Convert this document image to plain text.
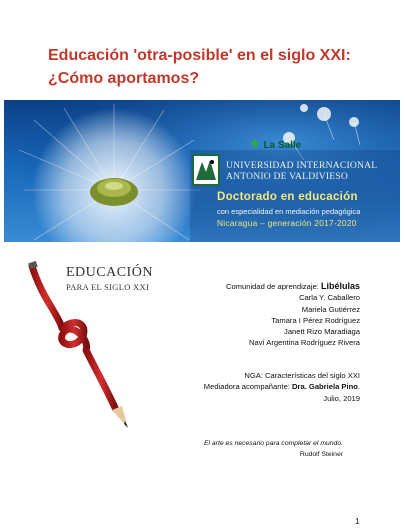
Educación 'otra-posible' en el siglo XXI:
¿Cómo aportamos?
★ La Salle
UNIVERSIDAD INTERNACIONAL
ANTONIO DE VALDIVIESO
Doctorado en educación
con especialidad en mediación pedagógica
Nicaragua – generación 2017-2020
EDUCACIÓN
PARA EL SIGLO XXI	Comunidad de aprendizaje: Libélulas
Carla Y. Caballero
Mariela Gutiérrez
Tamara I Pérez Rodríguez
Janett Rizo Maradiaga
Naví Argentina Rodríguez Rivera
NGA: Características del siglo XXI
Mediadora acompañante: Dra. Gabriela Pino.
Julio, 2019
El arte es necesario para completar el mundo.
Rudolf Steiner
1
